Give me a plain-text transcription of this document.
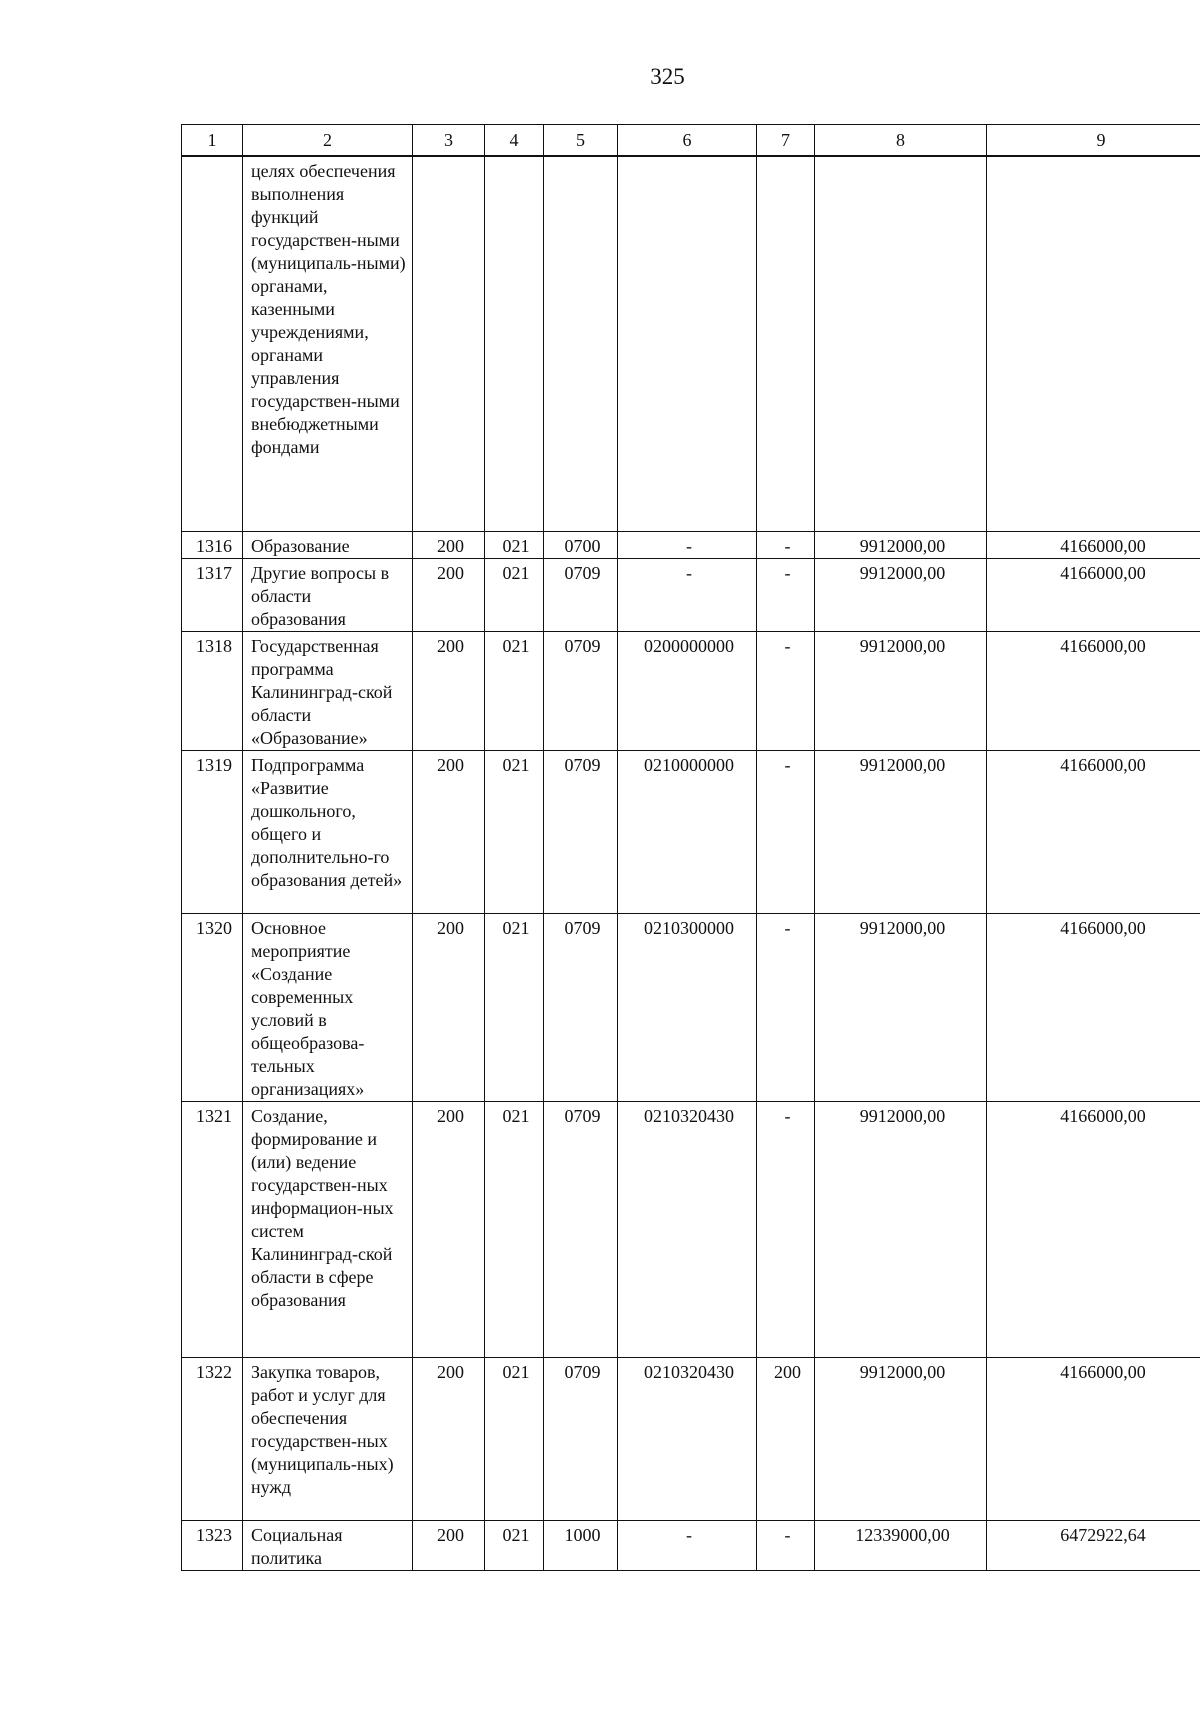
325
1	2	3	4	5	6	7	8	9
	целях обеспечения выполнения функций государствен-ными (муниципаль-ными) органами, казенными учреждениями, органами управления государствен-ными внебюджетными фондами							
1316	Образование	200	021	0700	-	-	9912000,00	4166000,00
1317	Другие вопросы в области образования	200	021	0709	-	-	9912000,00	4166000,00
1318	Государственная программа Калининград-ской области «Образование»	200	021	0709	0200000000	-	9912000,00	4166000,00
1319	Подпрограмма «Развитие дошкольного, общего и дополнительно-го образования детей»	200	021	0709	0210000000	-	9912000,00	4166000,00
1320	Основное мероприятие «Создание современных условий в общеобразова-тельных организациях»	200	021	0709	0210300000	-	9912000,00	4166000,00
1321	Создание, формирование и (или) ведение государствен-ных информацион-ных систем Калининград-ской области в сфере образования	200	021	0709	0210320430	-	9912000,00	4166000,00
1322	Закупка товаров, работ и услуг для обеспечения государствен-ных (муниципаль-ных) нужд	200	021	0709	0210320430	200	9912000,00	4166000,00
1323	Социальная политика	200	021	1000	-	-	12339000,00	6472922,64
